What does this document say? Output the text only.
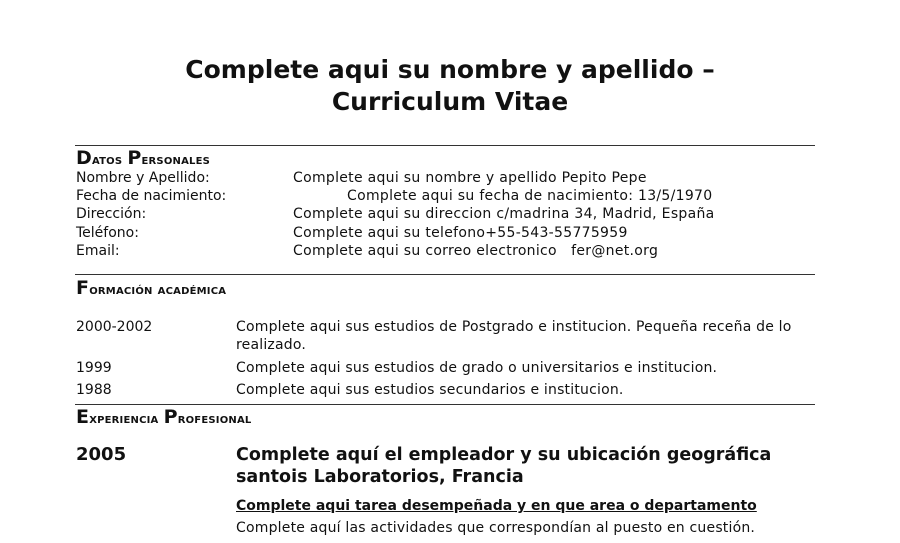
Complete aqui su nombre y apellido –
Curriculum Vitae
Datos Personales
Nombre y Apellido:	Complete aqui su nombre y apellido Pepito Pepe
Fecha de nacimiento:	Complete aqui su fecha de nacimiento: 13/5/1970
Dirección:	Complete aqui su direccion c/madrina 34, Madrid, España
Teléfono:	Complete aqui su telefono+55-543-55775959
Email:	Complete aqui su correo electronico   fer@net.org
Formación académica
2000-2002	Complete aqui sus estudios de Postgrado e institucion. Pequeña receña de lo realizado.
1999	Complete aqui sus estudios de grado o universitarios e institucion.
1988	Complete aqui sus estudios secundarios e institucion.
Experiencia Profesional
2005	Complete aquí el empleador y su ubicación geográfica santois Laboratorios, Francia
Complete aqui tarea desempeñada y en que area o departamento
Complete aquí las actividades que correspondían al puesto en cuestión.
